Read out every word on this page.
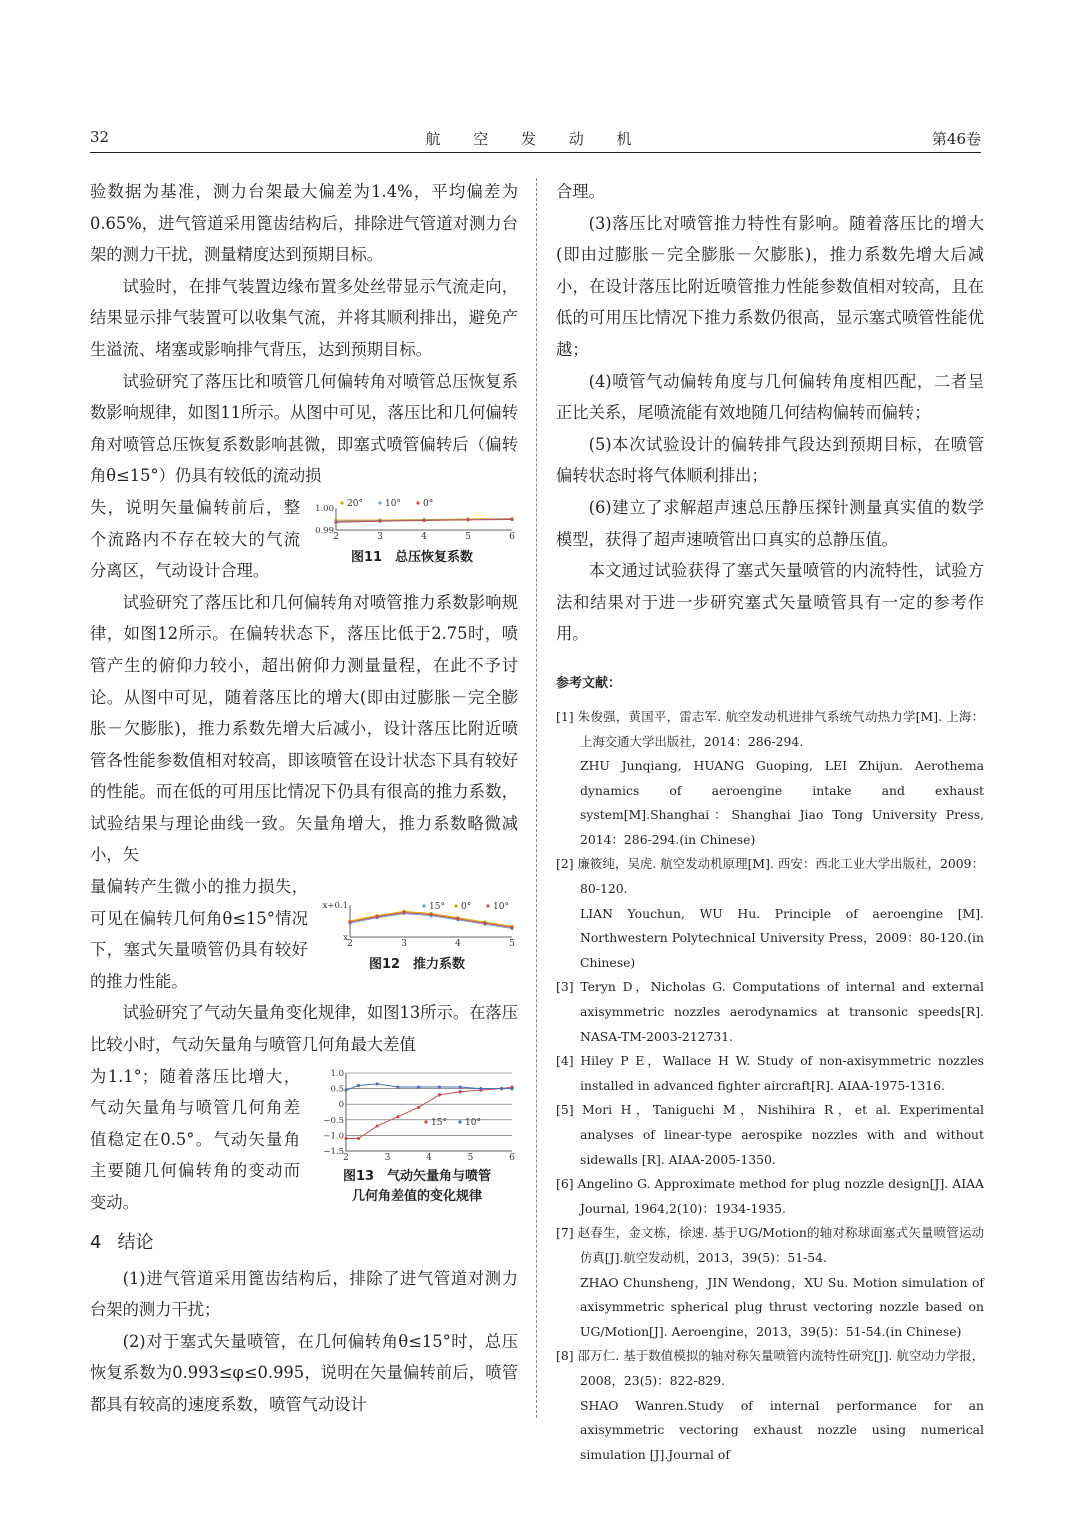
32	航 空 发 动 机	第46卷

验数据为基准，测力台架最大偏差为1.4%，平均偏差为0.65%，进气管道采用篦齿结构后，排除进气管道对测力台架的测力干扰，测量精度达到预期目标。

试验时，在排气装置边缘布置多处丝带显示气流走向，结果显示排气装置可以收集气流，并将其顺利排出，避免产生溢流、堵塞或影响排气背压，达到预期目标。

试验研究了落压比和喷管几何偏转角对喷管总压恢复系数影响规律，如图11所示。从图中可见，落压比和几何偏转角对喷管总压恢复系数影响甚微，即塞式喷管偏转后（偏转角θ≤15°）仍具有较低的流动损

2	3	4	5	6
1.00
0.99
20° 10° 0°
图11　总压恢复系数

失，说明矢量偏转前后，整个流路内不存在较大的气流分离区，气动设计合理。

试验研究了落压比和几何偏转角对喷管推力系数影响规律，如图12所示。在偏转状态下，落压比低于2.75时，喷管产生的俯仰力较小，超出俯仰力测量量程，在此不予讨论。从图中可见，随着落压比的增大(即由过膨胀－完全膨胀－欠膨胀)，推力系数先增大后减小，设计落压比附近喷管各性能参数值相对较高，即该喷管在设计状态下具有较好的性能。而在低的可用压比情况下仍具有很高的推力系数，试验结果与理论曲线一致。矢量角增大，推力系数略微减小，矢

2	3	4	5
x+0.1
x
15° 0° 10°
图12　推力系数

量偏转产生微小的推力损失，可见在偏转几何角θ≤15°情况下，塞式矢量喷管仍具有较好的推力性能。

试验研究了气动矢量角变化规律，如图13所示。在落压比较小时，气动矢量角与喷管几何角最大差值

2	3	4	5	6
1.0
0.5
0
−0.5
−1.0
−1.5
15° 10°
图13　气动矢量角与喷管
几何角差值的变化规律

为1.1°；随着落压比增大，气动矢量角与喷管几何角差值稳定在0.5°。气动矢量角主要随几何偏转角的变动而变动。

4 结论

(1)进气管道采用篦齿结构后，排除了进气管道对测力台架的测力干扰；

(2)对于塞式矢量喷管，在几何偏转角θ≤15°时，总压恢复系数为0.993≤φ≤0.995，说明在矢量偏转前后，喷管都具有较高的速度系数，喷管气动设计

合理。

(3)落压比对喷管推力特性有影响。随着落压比的增大(即由过膨胀－完全膨胀－欠膨胀)，推力系数先增大后减小，在设计落压比附近喷管推力性能参数值相对较高，且在低的可用压比情况下推力系数仍很高，显示塞式喷管性能优越；

(4)喷管气动偏转角度与几何偏转角度相匹配，二者呈正比关系，尾喷流能有效地随几何结构偏转而偏转；

(5)本次试验设计的偏转排气段达到预期目标，在喷管偏转状态时将气体顺利排出；

(6)建立了求解超声速总压静压探针测量真实值的数学模型，获得了超声速喷管出口真实的总静压值。

本文通过试验获得了塞式矢量喷管的内流特性，试验方法和结果对于进一步研究塞式矢量喷管具有一定的参考作用。

参考文献：

[1] 朱俊强，黄国平，雷志军. 航空发动机进排气系统气动热力学[M]. 上海：上海交通大学出版社，2014：286-294.
ZHU Junqiang, HUANG Guoping, LEI Zhijun. Aerothema dynamics of aeroengine intake and exhaust system[M].Shanghai：Shanghai Jiao Tong University Press, 2014：286-294.(in Chinese)

[2] 廉筱纯，吴虎. 航空发动机原理[M]. 西安：西北工业大学出版社，2009：80-120.
LIAN Youchun, WU Hu. Principle of aeroengine [M]. Northwestern Polytechnical University Press，2009：80-120.(in Chinese)

[3] Teryn D，Nicholas G. Computations of internal and external axisymmetric nozzles aerodynamics at transonic speeds[R]. NASA-TM-2003-212731.

[4] Hiley P E，Wallace H W. Study of non-axisymmetric nozzles installed in advanced fighter aircraft[R]. AIAA-1975-1316.

[5] Mori H，Taniguchi M，Nishihira R，et al. Experimental analyses of linear-type aerospike nozzles with and without sidewalls [R]. AIAA-2005-1350.

[6] Angelino G. Approximate method for plug nozzle design[J]. AIAA Journal, 1964,2(10)：1934-1935.

[7] 赵春生，金文栋，徐速. 基于UG/Motion的轴对称球面塞式矢量喷管运动仿真[J].航空发动机，2013，39(5)：51-54.
ZHAO Chunsheng，JIN Wendong，XU Su. Motion simulation of axisymmetric spherical plug thrust vectoring nozzle based on UG/Motion[J]. Aeroengine，2013，39(5)：51-54.(in Chinese)

[8] 邵万仁. 基于数值模拟的轴对称矢量喷管内流特性研究[J]. 航空动力学报，2008，23(5)：822-829.
SHAO Wanren.Study of internal performance for an axisymmetric vectoring exhaust nozzle using numerical simulation [J].Journal of
